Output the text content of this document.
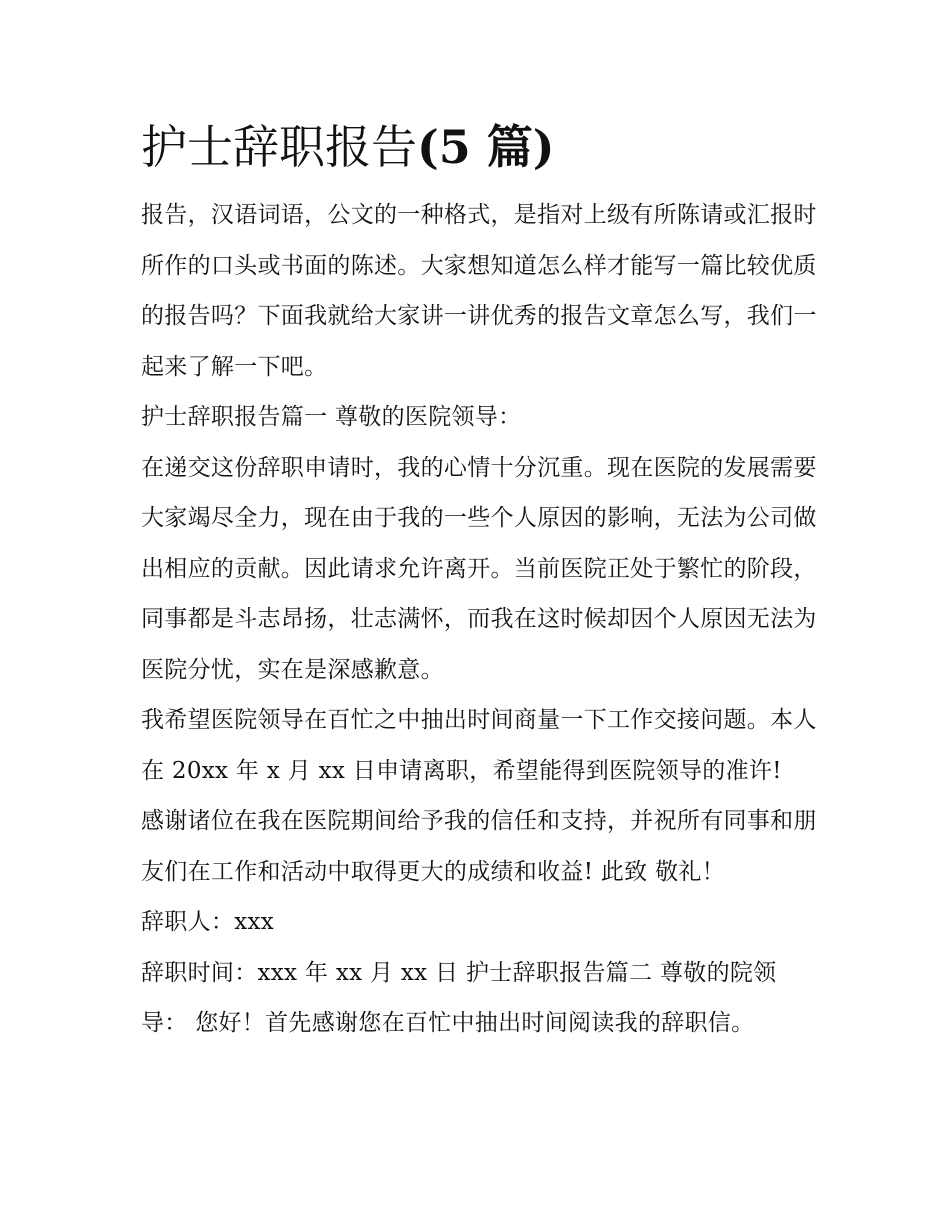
护士辞职报告(5 篇)

报告，汉语词语，公文的一种格式，是指对上级有所陈请或汇报时所作的口头或书面的陈述。大家想知道怎么样才能写一篇比较优质的报告吗？下面我就给大家讲一讲优秀的报告文章怎么写，我们一起来了解一下吧。

护士辞职报告篇一 尊敬的医院领导：

在递交这份辞职申请时，我的心情十分沉重。现在医院的发展需要大家竭尽全力，现在由于我的一些个人原因的影响，无法为公司做出相应的贡献。因此请求允许离开。当前医院正处于繁忙的阶段，同事都是斗志昂扬，壮志满怀，而我在这时候却因个人原因无法为医院分忧，实在是深感歉意。

我希望医院领导在百忙之中抽出时间商量一下工作交接问题。本人在 20xx 年 x 月 xx 日申请离职，希望能得到医院领导的准许!

感谢诸位在我在医院期间给予我的信任和支持，并祝所有同事和朋友们在工作和活动中取得更大的成绩和收益! 此致 敬礼！

辞职人：xxx

辞职时间：xxx 年 xx 月 xx 日 护士辞职报告篇二 尊敬的院领导： 您好！首先感谢您在百忙中抽出时间阅读我的辞职信。
